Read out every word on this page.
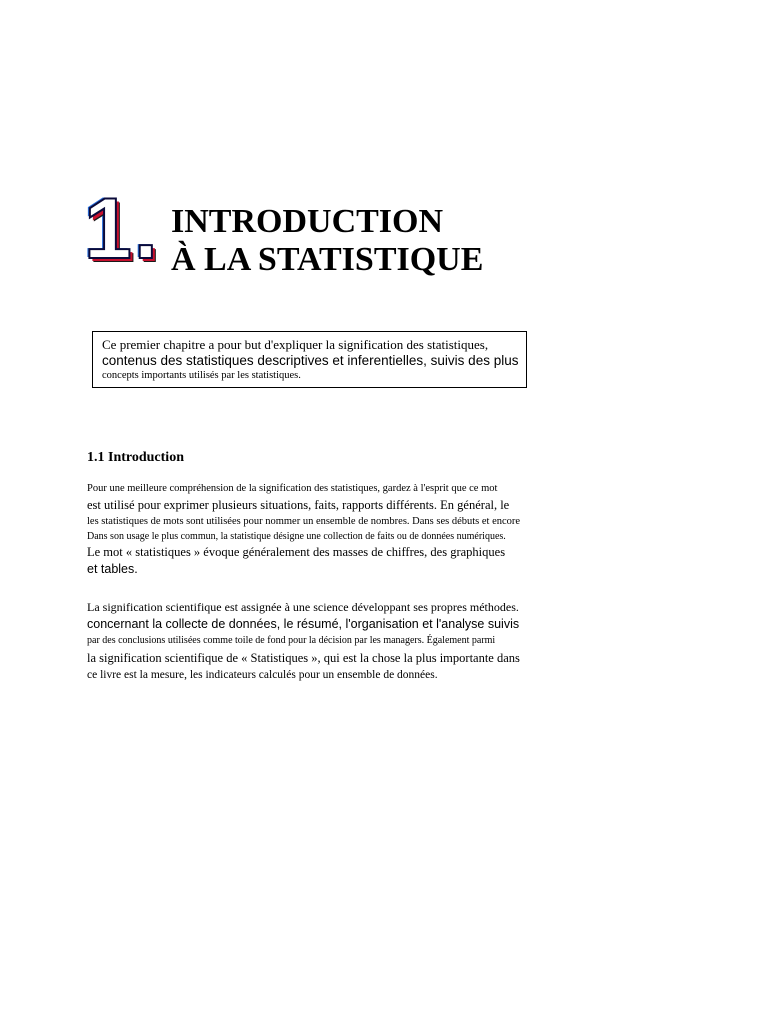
1. INTRODUCTION
À LA STATISTIQUE

Ce premier chapitre a pour but d'expliquer la signification des statistiques,

contenus des statistiques descriptives et inferentielles, suivis des plus

concepts importants utilisés par les statistiques.

1.1 Introduction
Pour une meilleure compréhension de la signification des statistiques, gardez à l'esprit que ce mot
est utilisé pour exprimer plusieurs situations, faits, rapports différents. En général, le
les statistiques de mots sont utilisées pour nommer un ensemble de nombres. Dans ses débuts et encore
Dans son usage le plus commun, la statistique désigne une collection de faits ou de données numériques.
Le mot « statistiques » évoque généralement des masses de chiffres, des graphiques
et tables.
La signification scientifique est assignée à une science développant ses propres méthodes.
concernant la collecte de données, le résumé, l'organisation et l'analyse suivis
par des conclusions utilisées comme toile de fond pour la décision par les managers. Également parmi
la signification scientifique de « Statistiques », qui est la chose la plus importante dans
ce livre est la mesure, les indicateurs calculés pour un ensemble de données.
